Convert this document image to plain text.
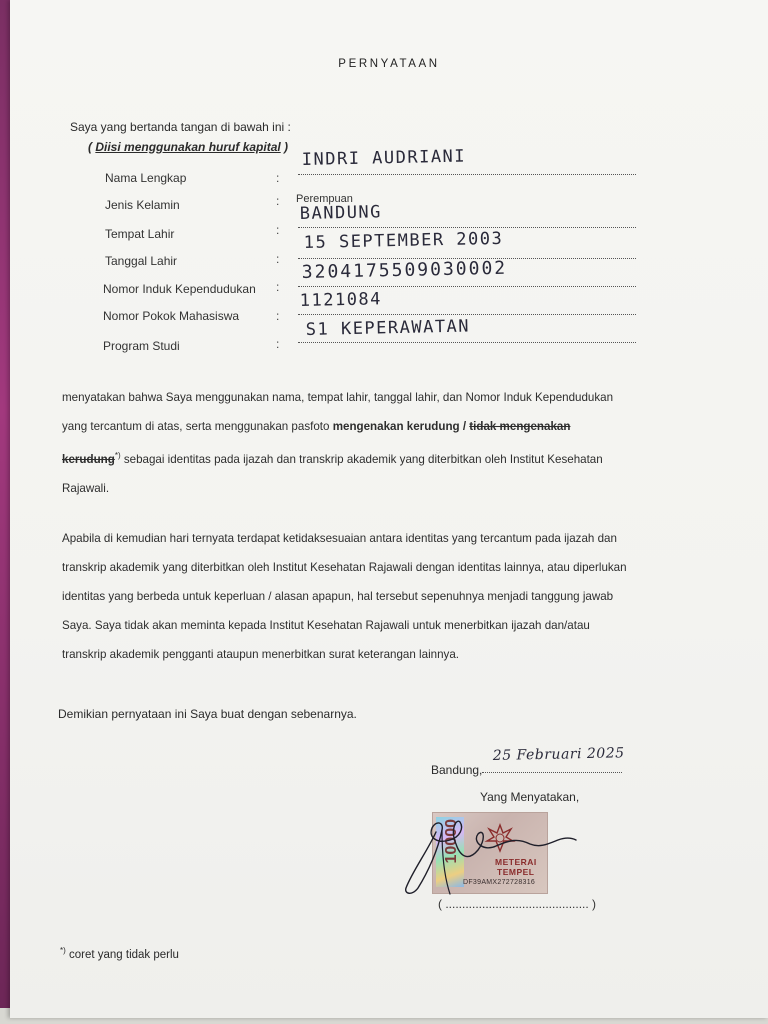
PERNYATAAN
Saya yang bertanda tangan di bawah ini :
( Diisi menggunakan huruf kapital )
Nama Lengkap	:
INDRI AUDRIANI
Jenis Kelamin	: Perempuan
Tempat Lahir	:
BANDUNG
Tanggal Lahir	:
15 SEPTEMBER 2003
Nomor Induk Kependudukan :
3204175509030002
Nomor Pokok Mahasiswa	:
1121084
Program Studi	:
S1 KEPERAWATAN
menyatakan bahwa Saya menggunakan nama, tempat lahir, tanggal lahir, dan Nomor Induk Kependudukan
yang tercantum di atas, serta menggunakan pasfoto mengenakan kerudung / tidak mengenakan
kerudung*) sebagai identitas pada ijazah dan transkrip akademik yang diterbitkan oleh Institut Kesehatan
Rajawali.
Apabila di kemudian hari ternyata terdapat ketidaksesuaian antara identitas yang tercantum pada ijazah dan
transkrip akademik yang diterbitkan oleh Institut Kesehatan Rajawali dengan identitas lainnya, atau diperlukan
identitas yang berbeda untuk keperluan / alasan apapun, hal tersebut sepenuhnya menjadi tanggung jawab
Saya. Saya tidak akan meminta kepada Institut Kesehatan Rajawali untuk menerbitkan ijazah dan/atau
transkrip akademik pengganti ataupun menerbitkan surat keterangan lainnya.
Demikian pernyataan ini Saya buat dengan sebenarnya.
Bandung,
25 Februari 2025
Yang Menyatakan,
10000	METERAI
TEMPEL
DF39AMX272728316
( ........................................... )
*) coret yang tidak perlu
